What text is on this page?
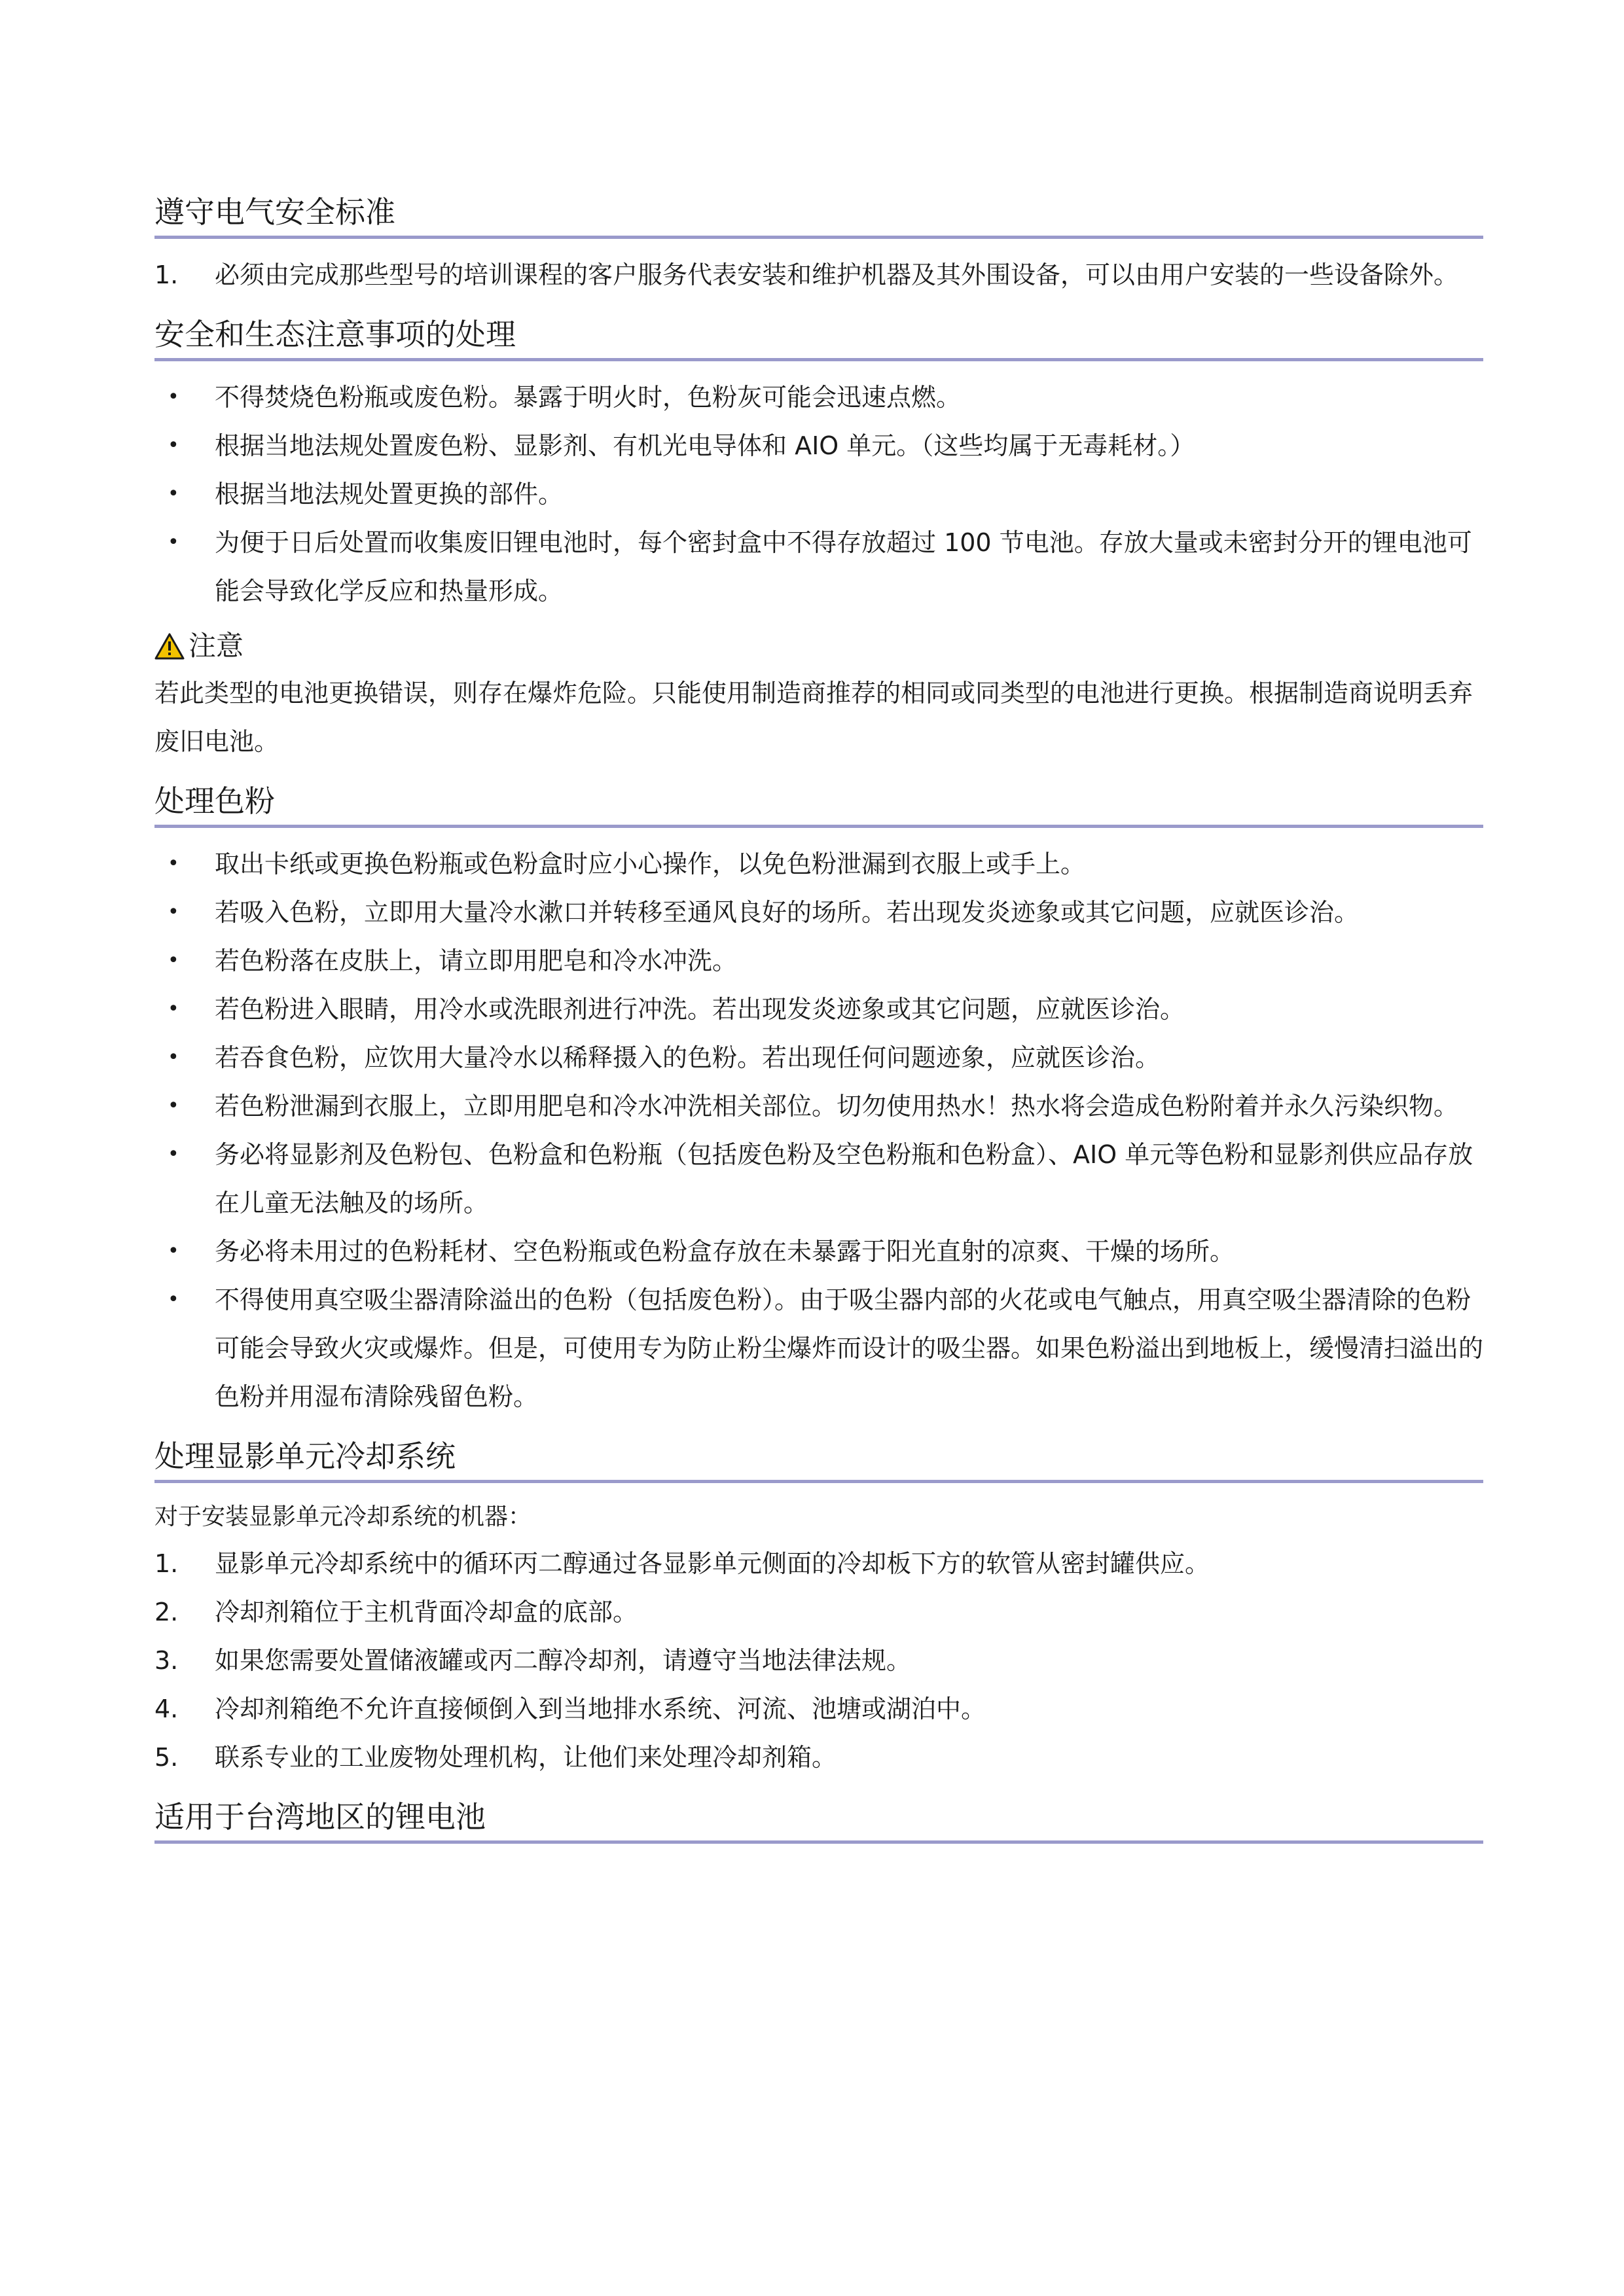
遵守电气安全标准
1.	必须由完成那些型号的培训课程的客户服务代表安装和维护机器及其外围设备，可以由用户安装的一些设备除外。
安全和生态注意事项的处理
•	不得焚烧色粉瓶或废色粉。暴露于明火时，色粉灰可能会迅速点燃。
•	根据当地法规处置废色粉、显影剂、有机光电导体和 AIO 单元。（这些均属于无毒耗材。）
•	根据当地法规处置更换的部件。
•	为便于日后处置而收集废旧锂电池时，每个密封盒中不得存放超过 100 节电池。存放大量或未密封分开的锂电池可能会导致化学反应和热量形成。
注意
若此类型的电池更换错误，则存在爆炸危险。只能使用制造商推荐的相同或同类型的电池进行更换。根据制造商说明丢弃废旧电池。
处理色粉
•	取出卡纸或更换色粉瓶或色粉盒时应小心操作，以免色粉泄漏到衣服上或手上。
•	若吸入色粉，立即用大量冷水漱口并转移至通风良好的场所。若出现发炎迹象或其它问题，应就医诊治。
•	若色粉落在皮肤上，请立即用肥皂和冷水冲洗。
•	若色粉进入眼睛，用冷水或洗眼剂进行冲洗。若出现发炎迹象或其它问题，应就医诊治。
•	若吞食色粉，应饮用大量冷水以稀释摄入的色粉。若出现任何问题迹象，应就医诊治。
•	若色粉泄漏到衣服上，立即用肥皂和冷水冲洗相关部位。切勿使用热水！热水将会造成色粉附着并永久污染织物。
•	务必将显影剂及色粉包、色粉盒和色粉瓶（包括废色粉及空色粉瓶和色粉盒）、AIO 单元等色粉和显影剂供应品存放在儿童无法触及的场所。
•	务必将未用过的色粉耗材、空色粉瓶或色粉盒存放在未暴露于阳光直射的凉爽、干燥的场所。
•	不得使用真空吸尘器清除溢出的色粉（包括废色粉）。由于吸尘器内部的火花或电气触点，用真空吸尘器清除的色粉可能会导致火灾或爆炸。但是，可使用专为防止粉尘爆炸而设计的吸尘器。如果色粉溢出到地板上，缓慢清扫溢出的色粉并用湿布清除残留色粉。
处理显影单元冷却系统
对于安装显影单元冷却系统的机器：
1.	显影单元冷却系统中的循环丙二醇通过各显影单元侧面的冷却板下方的软管从密封罐供应。
2.	冷却剂箱位于主机背面冷却盒的底部。
3.	如果您需要处置储液罐或丙二醇冷却剂，请遵守当地法律法规。
4.	冷却剂箱绝不允许直接倾倒入到当地排水系统、河流、池塘或湖泊中。
5.	联系专业的工业废物处理机构，让他们来处理冷却剂箱。
适用于台湾地区的锂电池
